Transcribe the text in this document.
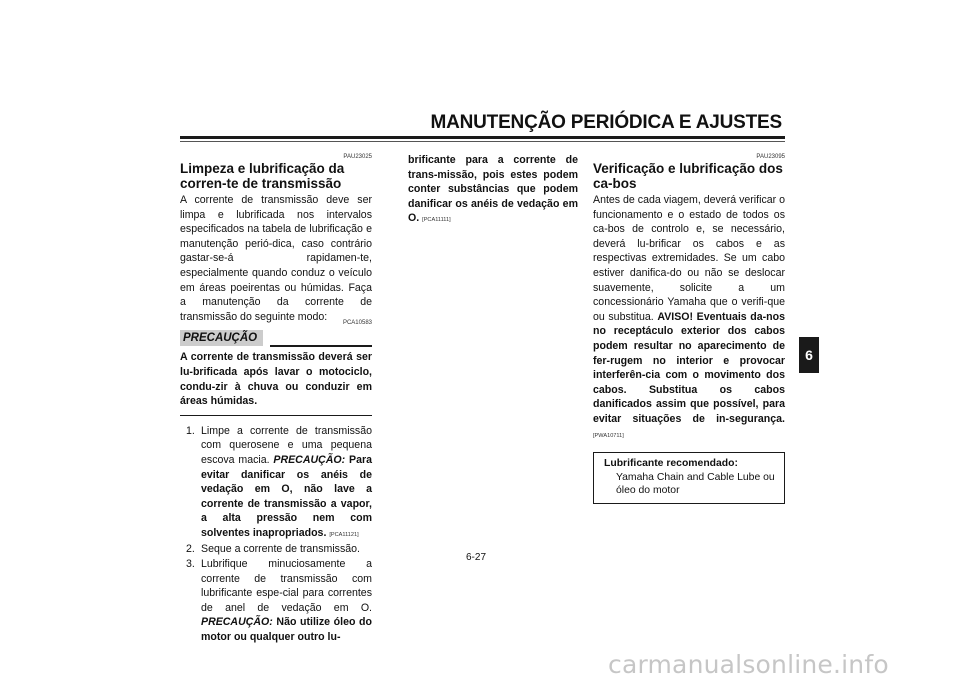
MANUTENÇÃO PERIÓDICA E AJUSTES
6
PAU23025
Limpeza e lubrificação da corren-te de transmissão

A corrente de transmissão deve ser limpa e lubrificada nos intervalos especificados na tabela de lubrificação e manutenção perió-dica, caso contrário gastar-se-á rapidamen-te, especialmente quando conduz o veículo em áreas poeirentas ou húmidas. Faça a manutenção da corrente de transmissão do seguinte modo:

PCA10583
PRECAUÇÃO

A corrente de transmissão deverá ser lu-brificada após lavar o motociclo, condu-zir à chuva ou conduzir em áreas húmidas.

1. Limpe a corrente de transmissão com querosene e uma pequena escova macia. PRECAUÇÃO: Para evitar danificar os anéis de vedação em O, não lave a corrente de transmissão a vapor, a alta pressão nem com solventes inapropriados. [PCA11121]
2. Seque a corrente de transmissão.
3. Lubrifique minuciosamente a corrente de transmissão com lubrificante espe-cial para correntes de anel de vedação em O. PRECAUÇÃO: Não utilize óleo do motor ou qualquer outro lu-

brificante para a corrente de trans-missão, pois estes podem conter substâncias que podem danificar os anéis de vedação em O. [PCA11111]

PAU23095
Verificação e lubrificação dos ca-bos

Antes de cada viagem, deverá verificar o funcionamento e o estado de todos os ca-bos de controlo e, se necessário, deverá lu-brificar os cabos e as respectivas extremidades. Se um cabo estiver danifica-do ou não se deslocar suavemente, solicite a um concessionário Yamaha que o verifi-que ou substitua. AVISO! Eventuais da-nos no receptáculo exterior dos cabos podem resultar no aparecimento de fer-rugem no interior e provocar interferên-cia com o movimento dos cabos. Substitua os cabos danificados assim que possível, para evitar situações de in-segurança. [PWA10711]

Lubrificante recomendado:
Yamaha Chain and Cable Lube ou óleo do motor
6-27
carmanualsonline.info
